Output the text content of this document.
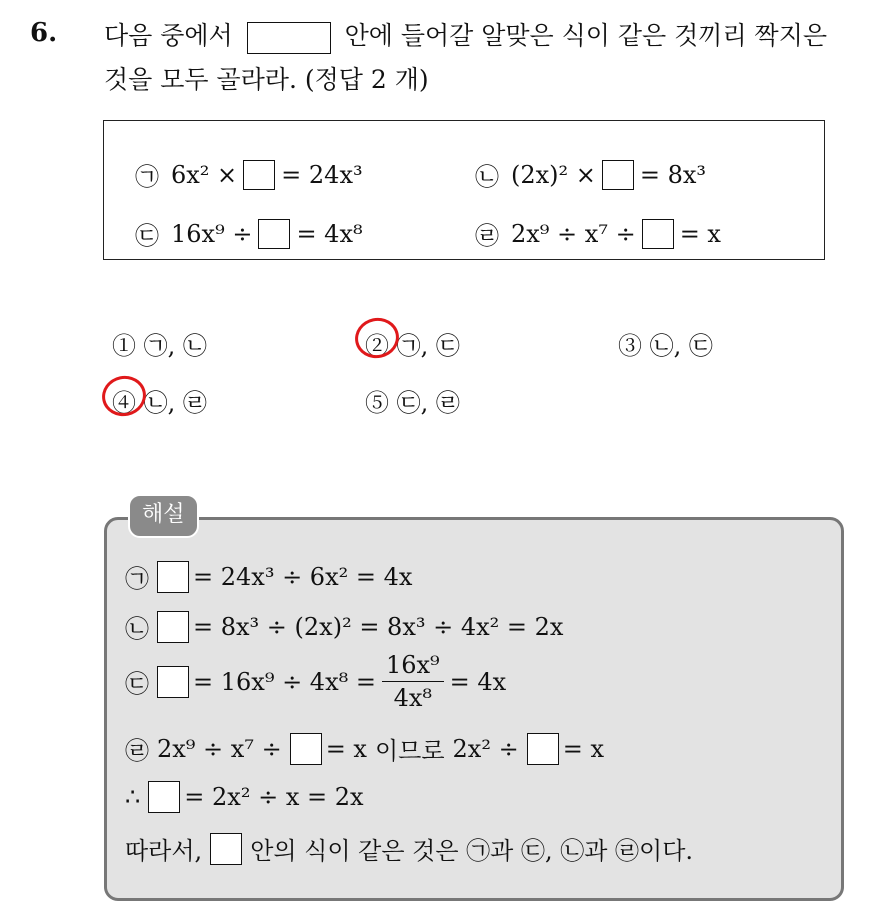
6. 다음 중에서	안에 들어갈 알맞은 식이 같은 것끼리 짝지은
것을 모두 골라라. (정답 2 개)
㉠ 6x² × = 24x³	㉡ (2x)² × = 8x³
㉢ 16x⁹ ÷ = 4x⁸	㉣ 2x⁹ ÷ x⁷ ÷ = x
① ㉠, ㉡	② ㉠, ㉢	③ ㉡, ㉢
④ ㉡, ㉣	⑤ ㉢, ㉣
해설
㉠ = 24x³ ÷ 6x² = 4x
㉡ = 8x³ ÷ (2x)² = 8x³ ÷ 4x² = 2x
㉢ = $16x^9 \div 4x^8 = \frac{\text{16x⁹}}{\text{4x⁸}} = 4x$
㉣ 2x⁹ ÷ x⁷ ÷ = x 이므로 2x² ÷ = x
∴ = 2x² ÷ x = 2x
따라서, 안의 식이 같은 것은 ㉠과 ㉢, ㉡과 ㉣이다.
